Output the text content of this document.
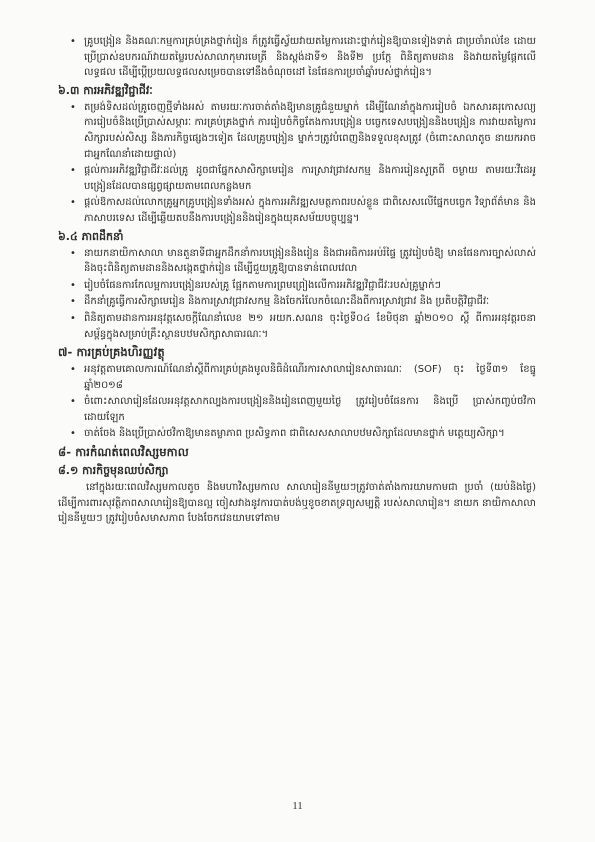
• គ្រូបង្រៀន និងគណៈកម្មការគ្រប់គ្រងថ្នាក់រៀន ក៏ត្រូវធ្វើស្វ័យវាយតម្លៃការដោះថ្នាក់រៀនឱ្យបានទៀងទាត់ ជាប្រចាំរាល់ខែ ដោយប្រើប្រាស់ឧបករណ៍វាយតម្លៃរបស់សាលាកុមារមេត្រី និងស្តង់ដាទី១ និងទី២ ប្រកែ្ត ពិនិត្យតាមដាន និងវាយតម្លៃផ្តែកលើលទ្ធផល ដើម្បីប្តេីប្រយលទ្ធផលសម្រេចបានទៅនឹងចំណុចដៅ នៃផែនការប្រចាំឆ្នាំរបស់ថ្នាក់រៀន។
៦.៣ ការអភិវឌ្ឍវិជ្ជាជីវៈ
• តម្រង់ទិសដល់គ្រូចេញថ្មីទាំងអស់ តាមរយៈការចាត់តាំងឱ្យមានគ្រូជំនួយម្នាក់ ដើម្បីណែនាំក្នុងការរៀបចំ ឯកសារគរុកោសល្យ ការរៀបចំនិងប្រើប្រាស់សម្ភារៈ ការគ្រប់គ្រងថ្នាក់ ការរៀបចំកិច្ចតែងការបង្រៀន បច្ចេកទេសបង្រៀននិងបង្រៀន ការវាយតម្លៃការសិក្សារបស់សិស្ស និងភារកិច្ចផ្សេងៗទៀត ដែលគ្រូបង្រៀន ម្នាក់ៗត្រូវបំពេញនិងទទួលខុសត្រូវ (ចំពោះសាលាតូច នាយកអាចជាអ្នកណែនាំដោយផ្ទាល់)
• ផ្តល់ការអភិវឌ្ឍវិជ្ជាជីវៈដល់គ្រូ ដូចជាផ្នែកសាសិក្សាមេរៀន ការស្រាវជ្រាវសកម្ម និងការរៀនសូត្រពី ចម្ងាយ តាមរយៈវីដេអូបង្រៀនដែលបានផ្សព្វផ្សាយតាមពេលកន្លងមក
• ផ្តល់ឱកាសដល់លោកគ្រូអ្នកគ្រូបង្រៀនទាំងអស់ ក្នុងការអភិវឌ្ឍសមត្ថភាពរបស់ខ្លួន ជាពិសេសលើផ្នែកបច្ចេក វិទ្យាព័ត៌មាន និងភាសាបរទេស ដើម្បីឆ្លើយតបនឹងការបង្រៀននិងរៀនក្នុងយុគសម័យបច្ចុប្បន្ន។
៦.៤ ភាពដឹកនាំ
• នាយកនាយិកាសាលា មានតួនាទីជាអ្នកដឹកនាំការបង្រៀននិងរៀន និងជាអធិការអប់រំផ្ទៃ ត្រូវរៀបចំឱ្យ មានផែនការច្បាស់លាស់ និងចុះពិនិត្យតាមដាននិងសង្កេតថ្នាក់រៀន ដើម្បីជួយគ្រូឱ្យបានទាន់ពេលវេលា
• រៀបចំផែនការកែលម្អការបង្រៀនរបស់គ្រូ ផ្អែកតាមការព្រមព្រៀងលើការអភិវឌ្ឍវិជ្ជាជីវៈរបស់គ្រូម្នាក់ៗ
• ដឹកនាំគ្រូធ្វើការសិក្សាមេរៀន និងការស្រាវជ្រាវសកម្ម និងចែករំលែកចំណេះដឹងពីការស្រាវជ្រាវ និង ប្រតិបត្តិវិជ្ជាជីវៈ
• ពិនិត្យតាមដានការអនុវត្តសេចក្តីណែនាំលេខ ២១ អយក.សណន ចុះថ្ងៃទី០៤ ខែមិថុនា ឆ្នាំ២០១០ ស្តី ពីការអនុវត្តរចនាសម្ព័ន្ធក្នុងសម្រាប់គ្រឹះស្ថានបឋមសិក្សាសាធារណៈ។
៧- ការគ្រប់គ្រងហិរញ្ញវត្ថុ
• អនុវត្តតាមគោលការណ៍ណែនាំស្តីពីការគ្រប់គ្រងមូលនិធិដំណើរការសាលារៀនសាធារណៈ (SOF) ចុះ ថ្ងៃទី៣១ ខែធ្នូ ឆ្នាំ២០១៨
• ចំពោះសាលារៀនដែលអនុវត្តសាកល្បងការបង្រៀននិងរៀនពេញមួយថ្ងៃ ត្រូវរៀបចំផែនការ និងប្រើ ប្រាស់កញ្ចប់ថវិកាដោយឡែក
• ចាត់ចែង និងប្រើប្រាស់ថវិកាឱ្យមានតម្លាភាព ប្រសិទ្ធភាព ជាពិសេសសាលាបឋមសិក្សាដែលមានថ្នាក់ មត្តេយ្យសិក្សា។
៨- ការកំណត់ពេលវិស្សមកាល
៨.១ ការកិច្ចមុនឈប់សិក្សា

នៅក្នុងរយៈពេលវិស្សមកាលតូច និងមហាវិស្សមកាល សាលារៀននីមួយៗត្រូវចាត់តាំងការយាមកាមជា ប្រចាំ (យប់និងថ្ងៃ) ដើម្បីការពារសុវត្ថិភាពសាលារៀនឱ្យបានល្អ ចៀសវាងនូវការបាត់បង់ឬខូចខាតទ្រព្យសម្បត្តិ របស់សាលារៀន។ នាយក នាយិកាសាលារៀននីមួយៗ ត្រូវរៀបចំសមាសភាព បែងចែកវេនយាមទៅតាម

11
